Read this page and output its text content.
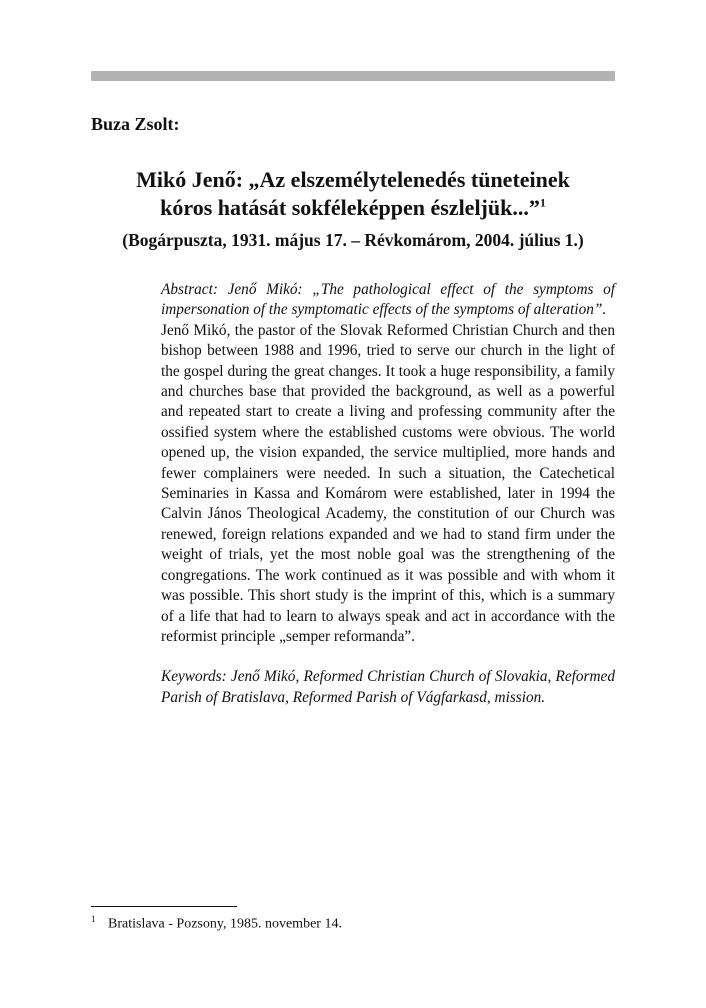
Buza Zsolt:

Mikó Jenő: „Az elszemélytelenedés tüneteinek
kóros hatását sokféleképpen észleljük...”$^1$

(Bogárpuszta, 1931. május 17. – Révkomárom, 2004. július 1.)

Abstract: Jenő Mikó: „The pathological effect of the symptoms of impersonation of the symptomatic effects of the symptoms of alteration”.

Jenő Mikó, the pastor of the Slovak Reformed Christian Church and then bishop between 1988 and 1996, tried to serve our church in the light of the gospel during the great changes. It took a huge responsibility, a family and churches base that provided the background, as well as a powerful and repeated start to create a living and professing community after the ossified system where the established customs were obvious. The world opened up, the vision expanded, the service multiplied, more hands and fewer complainers were needed. In such a situation, the Catechetical Seminaries in Kassa and Komárom were established, later in 1994 the Calvin János Theological Academy, the constitution of our Church was renewed, foreign relations expanded and we had to stand firm under the weight of trials, yet the most noble goal was the strengthening of the congregations. The work continued as it was possible and with whom it was possible. This short study is the imprint of this, which is a summary of a life that had to learn to always speak and act in accordance with the reformist principle „semper reformanda”.

Keywords: Jenő Mikó, Reformed Christian Church of Slovakia, Reformed Parish of Bratislava, Reformed Parish of Vágfarkasd, mission.

1 Bratislava - Pozsony, 1985. november 14.
